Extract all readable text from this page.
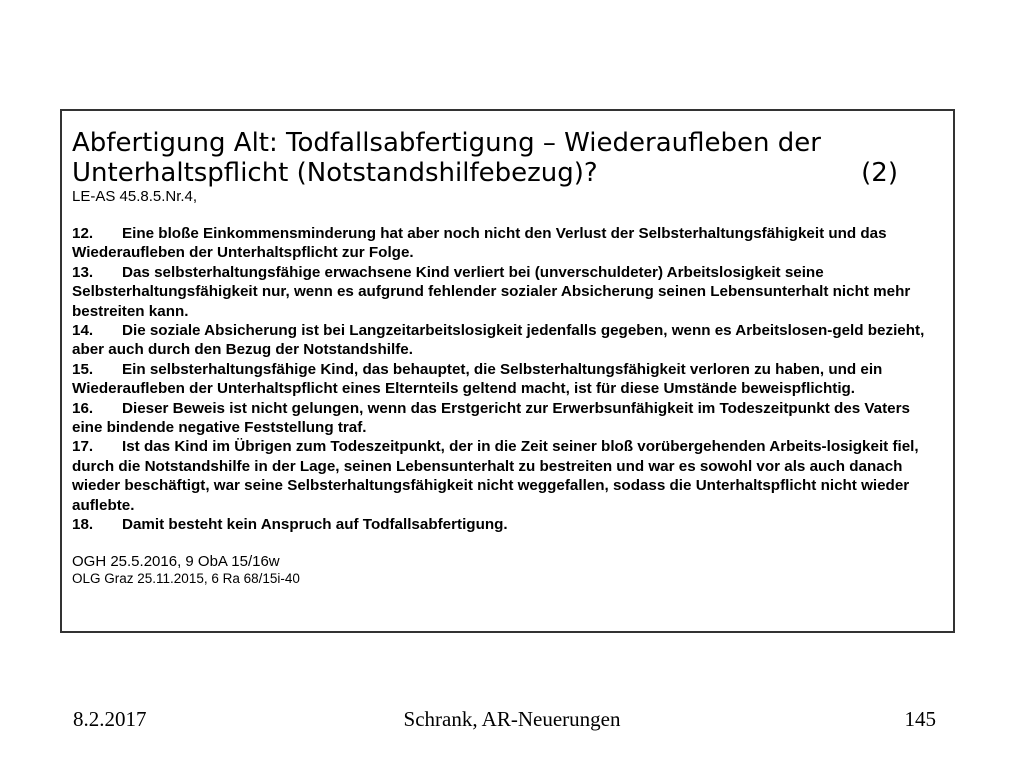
Abfertigung Alt: Todfallsabfertigung – Wiederaufleben der
Unterhaltspflicht (Notstandshilfebezug)?	(2)
LE-AS 45.8.5.Nr.4,
12. Eine bloße Einkommensminderung hat aber noch nicht den Verlust der Selbsterhaltungsfähigkeit und das Wiederaufleben der Unterhaltspflicht zur Folge.
13. Das selbsterhaltungsfähige erwachsene Kind verliert bei (unverschuldeter) Arbeitslosigkeit seine Selbsterhaltungsfähigkeit nur, wenn es aufgrund fehlender sozialer Absicherung seinen Lebensunterhalt nicht mehr bestreiten kann.
14. Die soziale Absicherung ist bei Langzeitarbeitslosigkeit jedenfalls gegeben, wenn es Arbeitslosen-geld bezieht, aber auch durch den Bezug der Notstandshilfe.
15. Ein selbsterhaltungsfähige Kind, das behauptet, die Selbsterhaltungsfähigkeit verloren zu haben, und ein Wiederaufleben der Unterhaltspflicht eines Elternteils geltend macht, ist für diese Umstände beweispflichtig.
16. Dieser Beweis ist nicht gelungen, wenn das Erstgericht zur Erwerbsunfähigkeit im Todeszeitpunkt des Vaters eine bindende negative Feststellung traf.
17. Ist das Kind im Übrigen zum Todeszeitpunkt, der in die Zeit seiner bloß vorübergehenden Arbeits-losigkeit fiel, durch die Notstandshilfe in der Lage, seinen Lebensunterhalt zu bestreiten und war es sowohl vor als auch danach wieder beschäftigt, war seine Selbsterhaltungsfähigkeit nicht weggefallen, sodass die Unterhaltspflicht nicht wieder auflebte.
18. Damit besteht kein Anspruch auf Todfallsabfertigung.
OGH 25.5.2016, 9 ObA 15/16w
OLG Graz 25.11.2015, 6 Ra 68/15i-40
8.2.2017	Schrank, AR-Neuerungen	145
